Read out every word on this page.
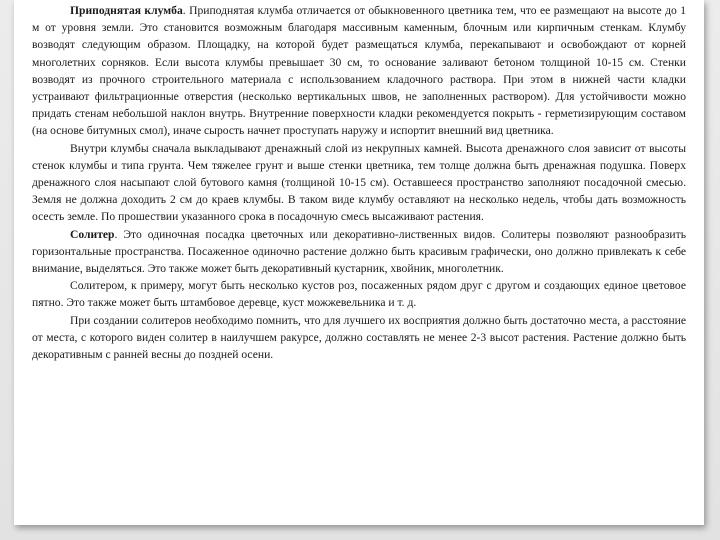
Приподнятая клумба. Приподнятая клумба отличается от обыкновенного цветника тем, что ее размещают на высоте до 1 м от уровня земли. Это становится возможным благодаря массивным каменным, блочным или кирпичным стенкам. Клумбу возводят следующим образом. Площадку, на которой будет размещаться клумба, перекапывают и освобождают от корней многолетних сорняков. Если высота клумбы превышает 30 см, то основание заливают бетоном толщиной 10-15 см. Стенки возводят из прочного строительного материала с использованием кладочного раствора. При этом в нижней части кладки устраивают фильтрационные отверстия (несколько вертикальных швов, не заполненных раствором). Для устойчивости можно придать стенам небольшой наклон внутрь. Внутренние поверхности кладки рекомендуется покрыть - герметизирующим составом (на основе битумных смол), иначе сырость начнет проступать наружу и испортит внешний вид цветника.

Внутри клумбы сначала выкладывают дренажный слой из некрупных камней. Высота дренажного слоя зависит от высоты стенок клумбы и типа грунта. Чем тяжелее грунт и выше стенки цветника, тем толще должна быть дренажная подушка. Поверх дренажного слоя насыпают слой бутового камня (толщиной 10-15 см). Оставшееся пространство заполняют посадочной смесью. Земля не должна доходить 2 см до краев клумбы. В таком виде клумбу оставляют на несколько недель, чтобы дать возможность осесть земле. По прошествии указанного срока в посадочную смесь высаживают растения.

Солитер. Это одиночная посадка цветочных или декоративно-лиственных видов. Солитеры позволяют разнообразить горизонтальные пространства. Посаженное одиночно растение должно быть красивым графически, оно должно привлекать к себе внимание, выделяться. Это также может быть декоративный кустарник, хвойник, многолетник.

Солитером, к примеру, могут быть несколько кустов роз, посаженных рядом друг с другом и создающих единое цветовое пятно. Это также может быть штамбовое деревце, куст можжевельника и т. д.

При создании солитеров необходимо помнить, что для лучшего их восприятия должно быть достаточно места, а расстояние от места, с которого виден солитер в наилучшем ракурсе, должно составлять не менее 2-3 высот растения. Растение должно быть декоративным с ранней весны до поздней осени.
